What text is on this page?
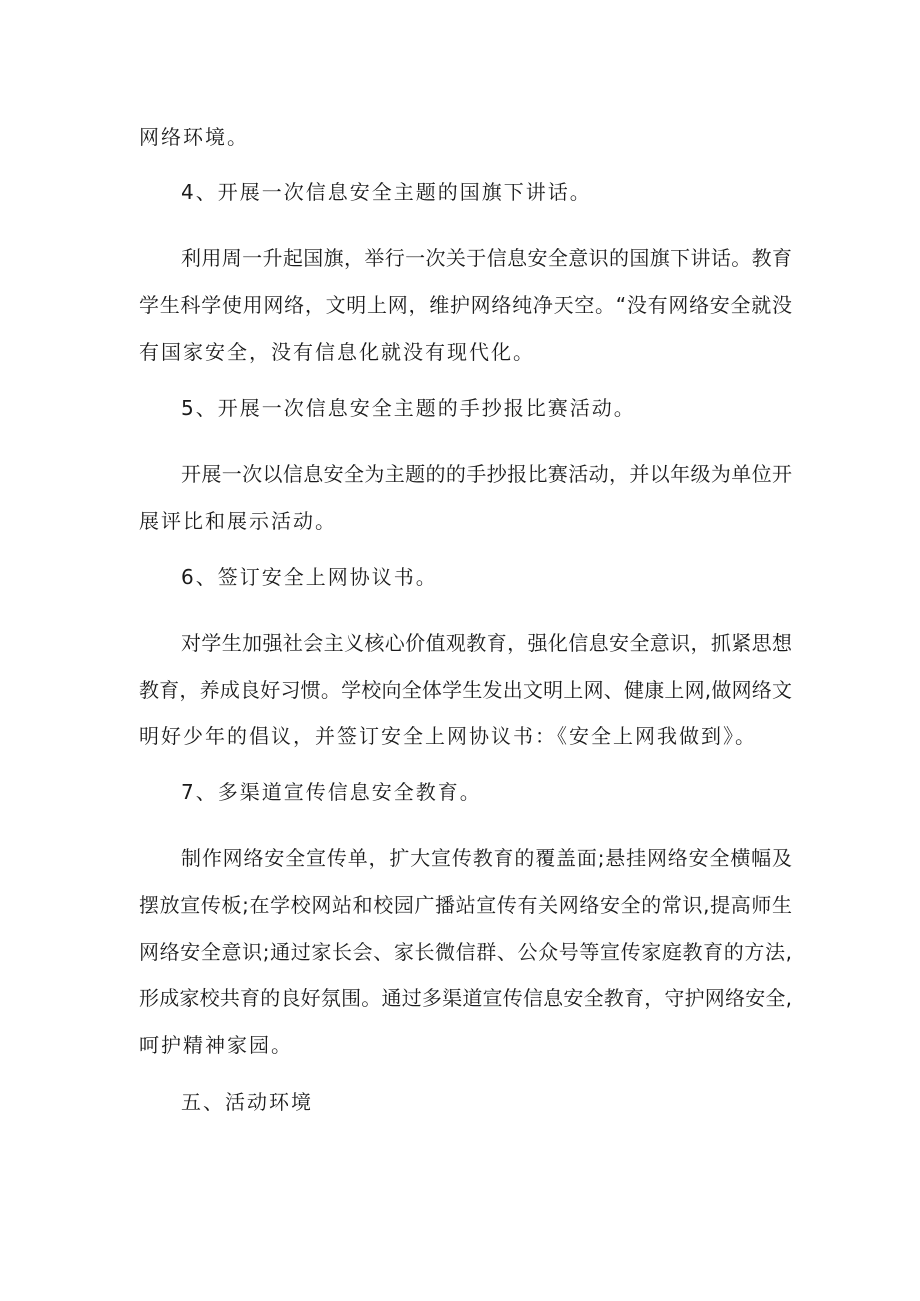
网络环境。

4、开展一次信息安全主题的国旗下讲话。

利用周一升起国旗，举行一次关于信息安全意识的国旗下讲话。教育

学生科学使用网络，文明上网，维护网络纯净天空。“没有网络安全就没

有国家安全，没有信息化就没有现代化。

5、开展一次信息安全主题的手抄报比赛活动。

开展一次以信息安全为主题的的手抄报比赛活动，并以年级为单位开

展评比和展示活动。

6、签订安全上网协议书。

对学生加强社会主义核心价值观教育，强化信息安全意识，抓紧思想

教育，养成良好习惯。学校向全体学生发出文明上网、健康上网,做网络文

明好少年的倡议，并签订安全上网协议书：《安全上网我做到》。

7、多渠道宣传信息安全教育。

制作网络安全宣传单，扩大宣传教育的覆盖面;悬挂网络安全横幅及

摆放宣传板;在学校网站和校园广播站宣传有关网络安全的常识,提高师生

网络安全意识;通过家长会、家长微信群、公众号等宣传家庭教育的方法,

形成家校共育的良好氛围。通过多渠道宣传信息安全教育，守护网络安全,

呵护精神家园。

五、活动环境
